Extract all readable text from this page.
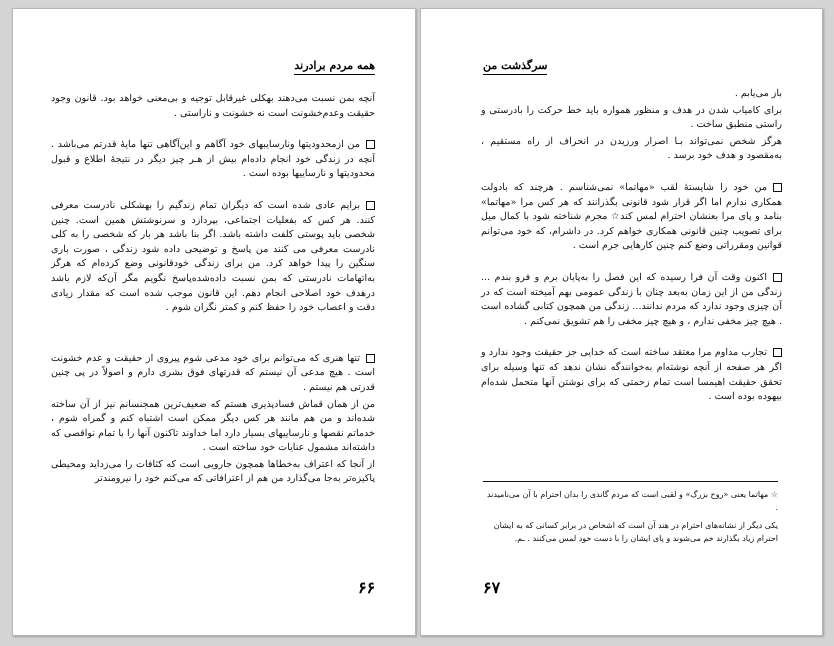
همه مردم برادرند

آنچه بمن نسبت می‌دهند بهکلی غیرقابل توجیه و بی‌معنی خواهد بود. قانون وجود حقیقت وعدم‌خشونت است نه خشونت و ناراستی .

من ازمحدودیتها ونارسایبهای خود آگاهم و این‌آگاهی تنها مایهٔ قدرتم می‌باشد . آنچه در زندگی خود انجام داده‌ام بیش از هـر چیز دیگر در نتیجهٔ اطلاع و قبول محدودیتها و نارساییها بوده است .

برایم عادی شده است که دیگران تمام زندگیم را بهشکلی نادرست معرفی کنند. هر کس که بفعلیات اجتماعی، بپردازد و سرنوشتش همین است. چنین شخصی باید پوستی کلفت داشته باشد. اگر بنا باشد هر بار که شخصی را به کلی نادرست معرفی می کنند من پاسخ و توضیحی داده شود زندگی ، صورت باری سنگین را پیدا خواهد کرد. من برای زندگی خودقانونی وضع کرده‌ام که هرگز به‌اتهامات نادرستی که بمن نسبت داده‌شده‌پاسخ نگویم مگر آن‌که لازم باشد درهدف خود اصلاحی انجام دهم. این قانون موجب شده است که مقدار زیادی دقت و اعصاب خود را حفظ کنم و کمتر نگران شوم .

تنها هنری که می‌توانم برای خود مدعی شوم پیروی از حقیقت و عدم خشونت است . هیچ مدعی آن نیستم که قدرتهای فوق بشری دارم و اصولاً در پی چنین قدرتی هم نیستم .

من از همان قماش فسادپذیری هستم که ضعیف‌ترین همجنسانم نیز از آن ساخته شده‌اند و من هم مانند هر کس دیگر ممکن است اشتباه کنم و گمراه شوم ، خدماتم نقصها و نارساییهای بسیار دارد اما خداوند تاکنون آنها را با تمام نواقصی که داشته‌اند مشمول عنایات خود ساخته است .

از آنجا که اعتراف به‌خطاها همچون جارویی است که کثافات را می‌زداید ومحیطی پاکیزه‌تر به‌جا می‌گذارد من هم از اعترافاتی که می‌کنم خود را نیرومندتر

۶۶
سرگذشت من

باز می‌یابم .

برای کامیاب شدن در هدف و منظور همواره باید خط حرکت را بادرستی و راستی منطبق ساخت .

هرگز شخص نمی‌تواند بـا اصرار ورزیدن در انحراف از راه مستقیم ، به‌مقصود و هدف خود برسد .

من خود را شایستهٔ لقب «مهاتما» نمی‌شناسم . هرچند که بادولت همکاری ندارم اما اگر قرار شود قانونی بگذرانند که هر کس مرا «مهاتما» بنامد و پای مرا بعنشان احترام لمس کند☆ مجرم شناخته شود با کمال میل برای تصویب چنین قانونی همکاری خواهم کرد. در داشرام، که خود می‌توانم قوانین ومقرراتی وضع کنم چنین کارهایی جرم است .

اکنون وقت آن فرا رسیده که این فصل را به‌پایان برم و فرو بندم ... زندگی من از این زمان به‌بعد چنان با زندگی عمومی بهم آمیخته است که در آن چیزی وجود ندارد که مردم ندانند... زندگی من همچون کتابی گشاده است . هیچ چیز مخفی ندارم ، و هیچ چیز مخفی را هم تشویق نمی‌کنم .

تجارب مداوم مرا معتقد ساخته است که خدایی جز حقیقت وجود ندارد و اگر هر صفحه از آنچه نوشته‌ام به‌خوانندگه نشان ندهد که تنها وسیله برای تحقق حقیقت اهیمسا است تمام زحمتی که برای نوشتن آنها متحمل شده‌ام بیهوده بوده است .

☆ مهاتما یعنی «روح بزرگ» و لقبی است که مردم گاندی را بدان احترام با آن می‌نامیدند .

یکی دیگر از نشانه‌های احترام در هند آن است که اشخاص در برابر کسانی که به ایشان احترام زیاد بگذارند خم می‌شوند و پای ایشان را با دست خود لمس می‌کنند . ـم.

۶۷
